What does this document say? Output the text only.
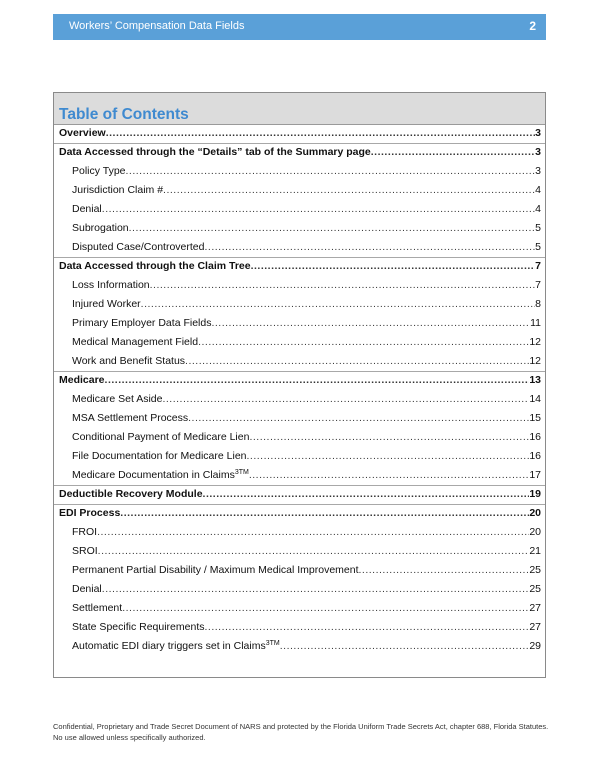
Workers’ Compensation Data Fields	2
Table of Contents
Overview .....	3
Data Accessed through the “Details” tab of the Summary page .....	3
Policy Type .....	3
Jurisdiction Claim # .....	4
Denial .....	4
Subrogation .....	5
Disputed Case/Controverted .....	5
Data Accessed through the Claim Tree .....	7
Loss Information .....	7
Injured Worker .....	8
Primary Employer Data Fields .....	11
Medical Management Field .....	12
Work and Benefit Status .....	12
Medicare .....	13
Medicare Set Aside .....	14
MSA Settlement Process .....	15
Conditional Payment of Medicare Lien .....	16
File Documentation for Medicare Lien .....	16
Medicare Documentation in Claims$^{3TM}$ .....	17
Deductible Recovery Module .....	19
EDI Process .....	20
FROI .....	20
SROI .....	21
Permanent Partial Disability / Maximum Medical Improvement .....	25
Denial .....	25
Settlement .....	27
State Specific Requirements .....	27
Automatic EDI diary triggers set in Claims$^{3TM}$ .....	29
Confidential, Proprietary and Trade Secret Document of NARS and protected by the Florida Uniform Trade Secrets Act, chapter 688, Florida Statutes. No use allowed unless specifically authorized.
